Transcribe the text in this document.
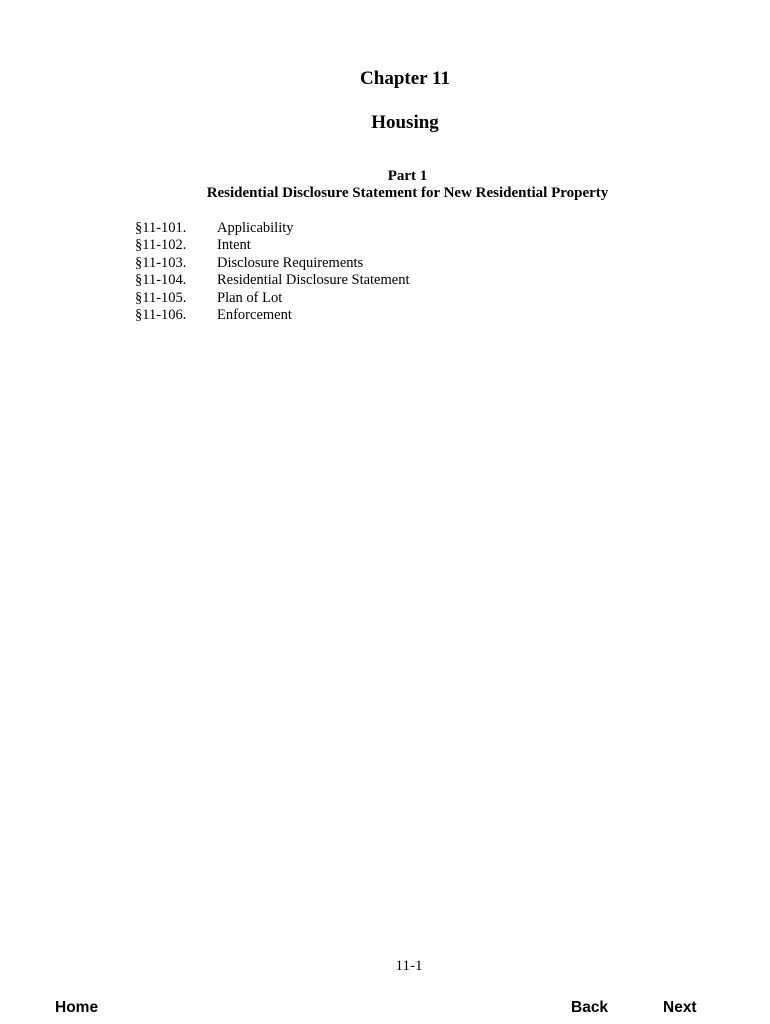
Chapter 11
Housing
Part 1
Residential Disclosure Statement for New Residential Property
§11-101.	Applicability
§11-102.	Intent
§11-103.	Disclosure Requirements
§11-104.	Residential Disclosure Statement
§11-105.	Plan of Lot
§11-106.	Enforcement
11-1
Home	Back	Next
